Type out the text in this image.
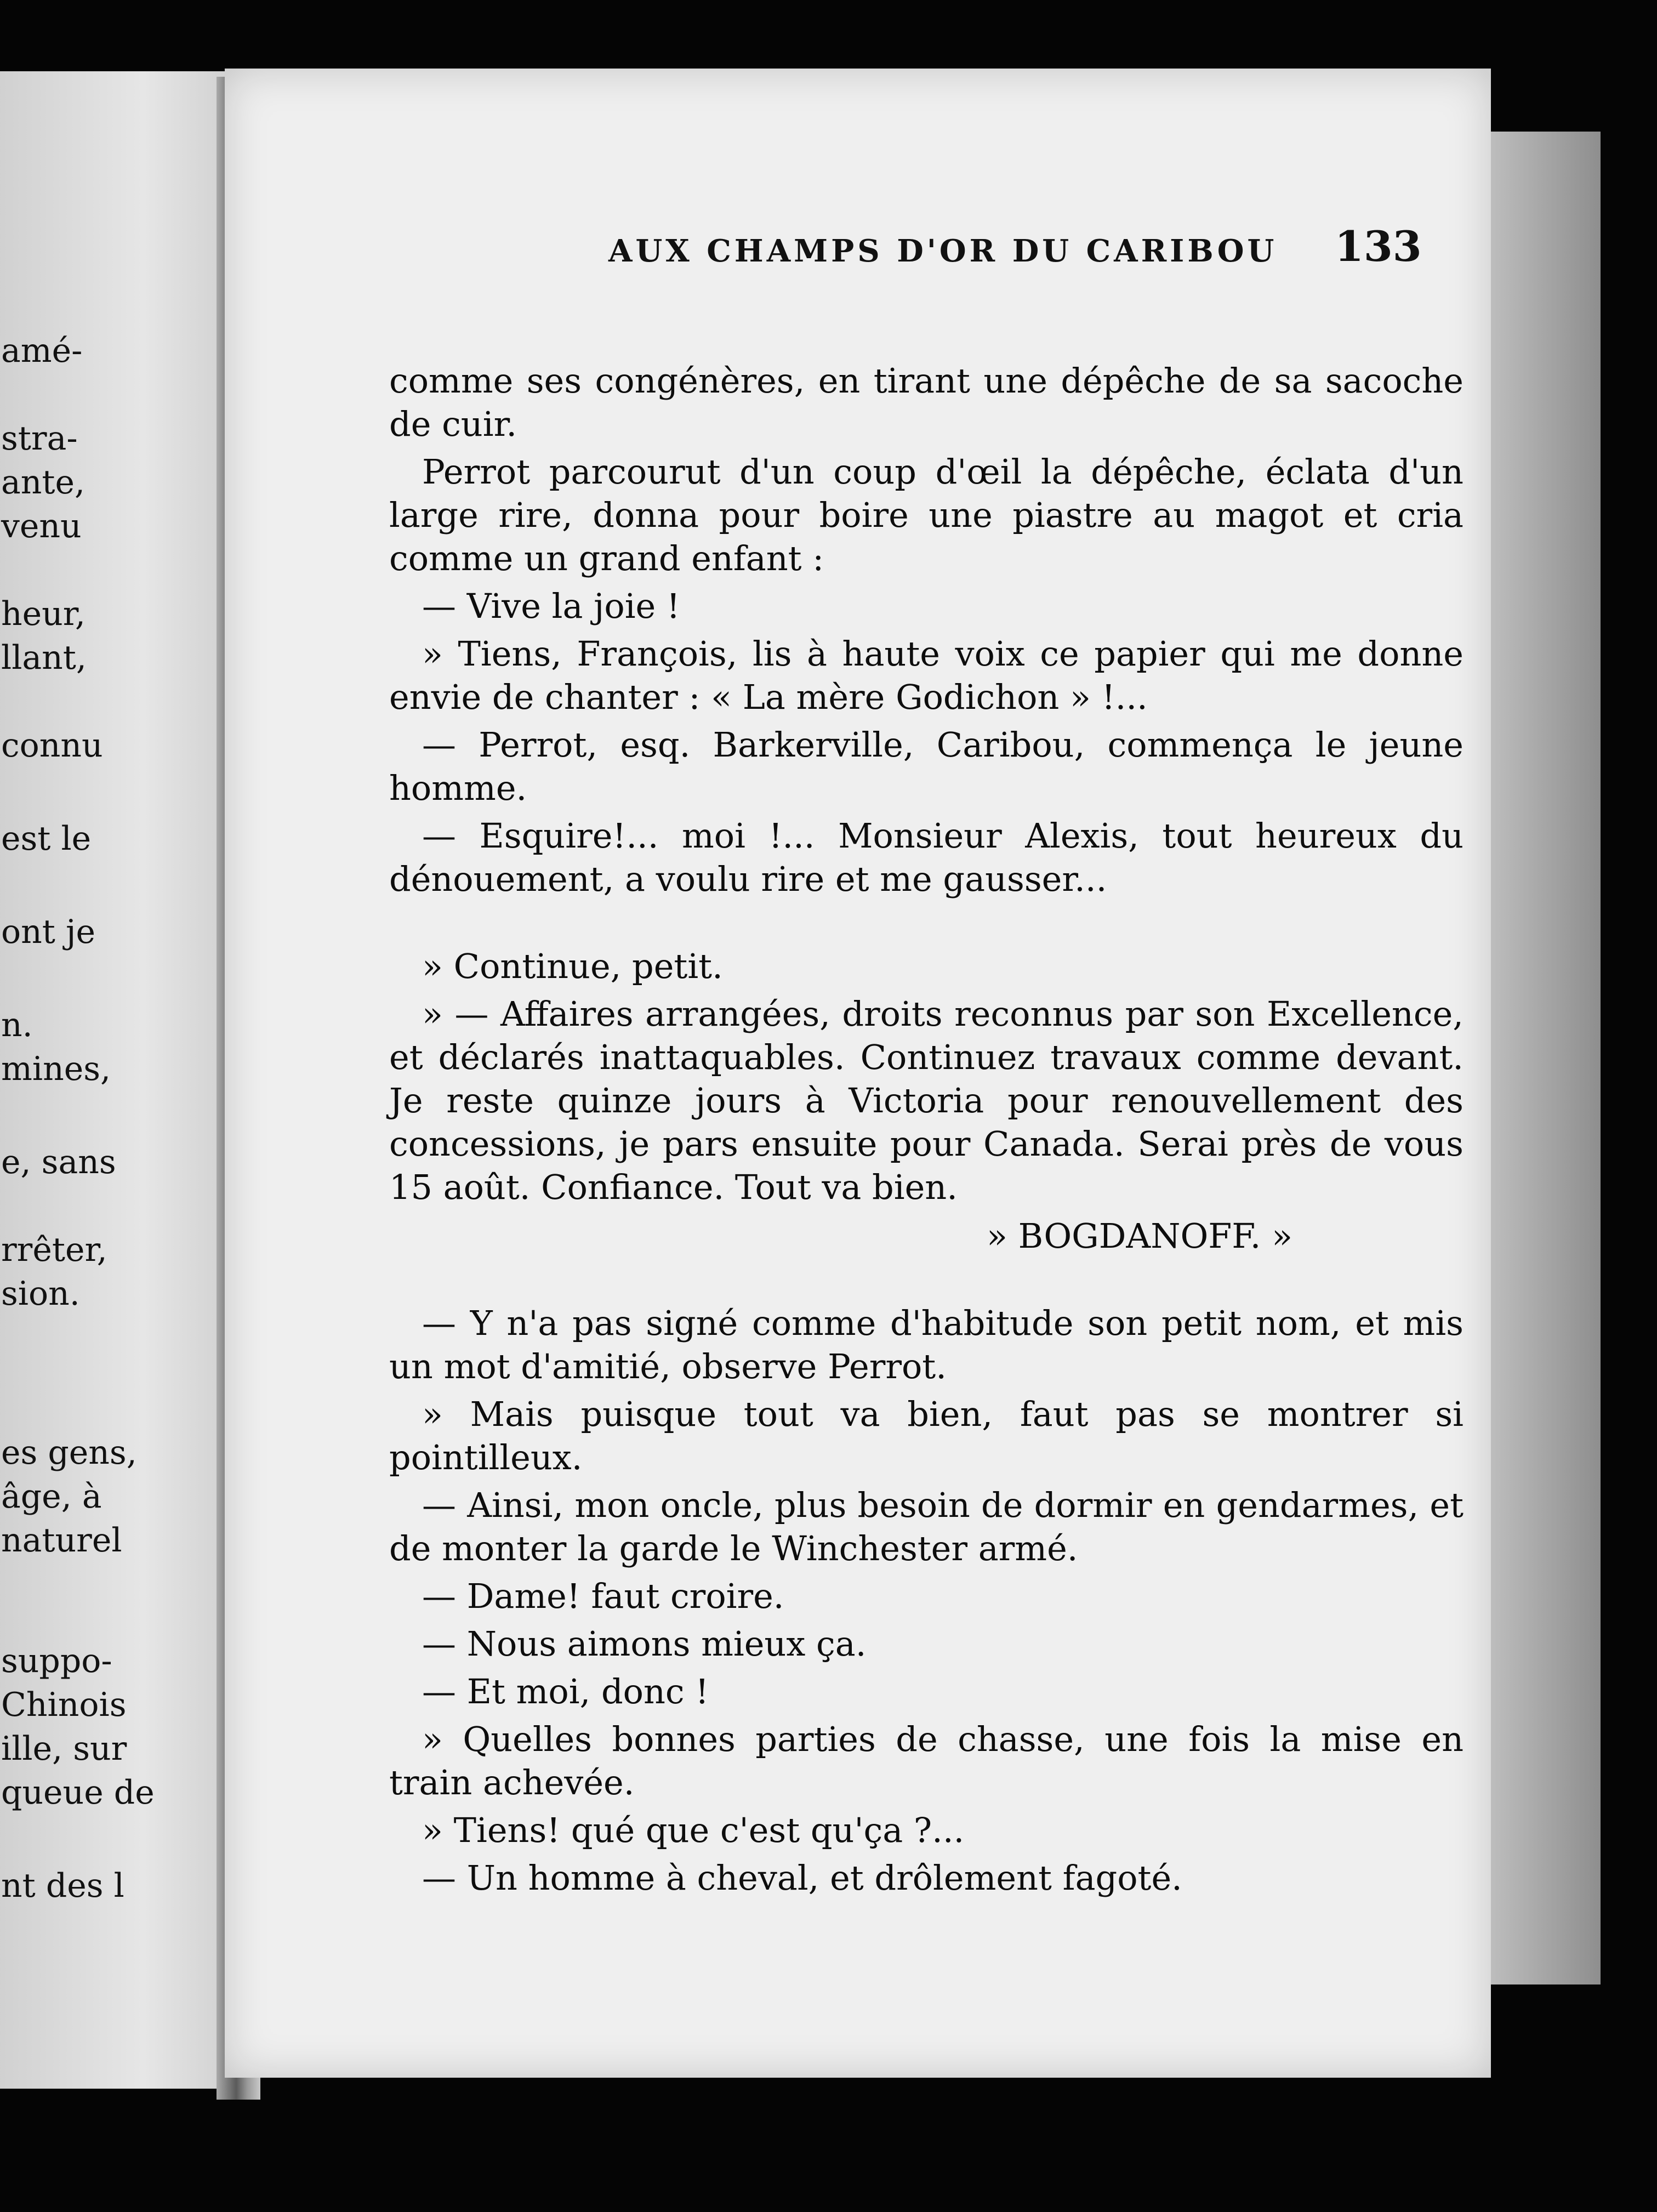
amé-
stra-
ante,
venu
heur,
llant,
connu
est le
ont je
n.
mines,
e, sans
rrêter,
sion.
es gens,
âge, à
naturel
suppo-
Chinois
ille, sur
queue de
nt des l
AUX CHAMPS D'OR DU CARIBOU 133

comme ses congénères, en tirant une dépêche de sa sacoche de cuir.

Perrot parcourut d'un coup d'œil la dépêche, éclata d'un large rire, donna pour boire une piastre au magot et cria comme un grand enfant :

— Vive la joie !

» Tiens, François, lis à haute voix ce papier qui me donne envie de chanter : « La mère Godichon » !...

— Perrot, esq. Barkerville, Caribou, commença le jeune homme.

— Esquire!... moi !... Monsieur Alexis, tout heureux du dénouement, a voulu rire et me gausser...

» Continue, petit.

» — Affaires arrangées, droits reconnus par son Excellence, et déclarés inattaquables. Continuez travaux comme devant. Je reste quinze jours à Victoria pour renouvellement des concessions, je pars ensuite pour Canada. Serai près de vous 15 août. Confiance. Tout va bien.

» BOGDANOFF. »

— Y n'a pas signé comme d'habitude son petit nom, et mis un mot d'amitié, observe Perrot.

» Mais puisque tout va bien, faut pas se montrer si pointilleux.

— Ainsi, mon oncle, plus besoin de dormir en gendarmes, et de monter la garde le Winchester armé.

— Dame! faut croire.

— Nous aimons mieux ça.

— Et moi, donc !

» Quelles bonnes parties de chasse, une fois la mise en train achevée.

» Tiens! qué que c'est qu'ça ?...

— Un homme à cheval, et drôlement fagoté.
